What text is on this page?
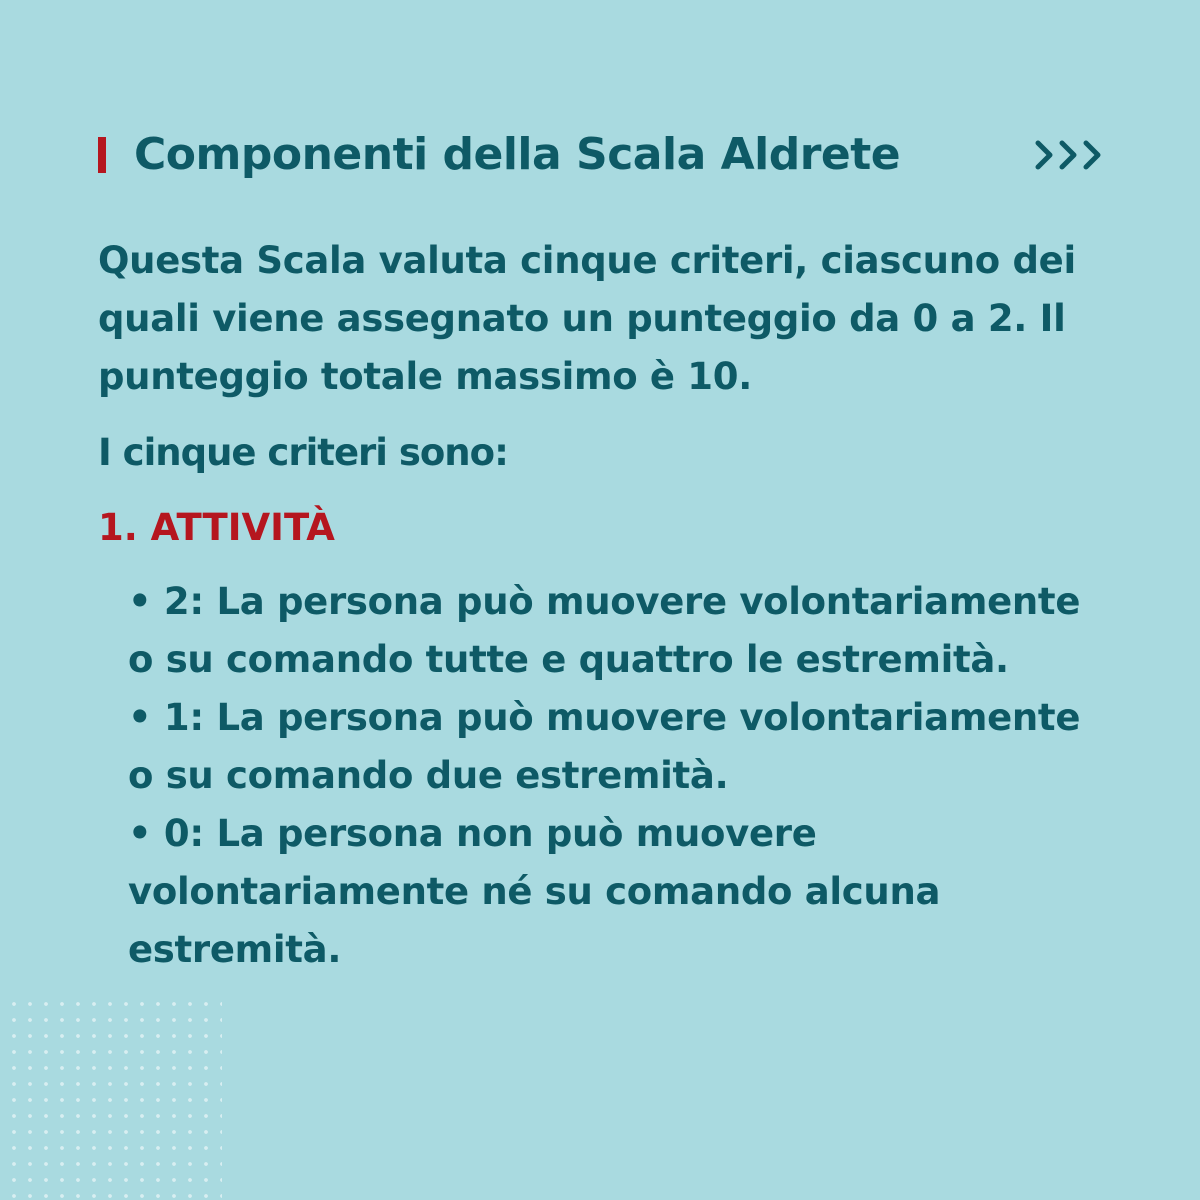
Componenti della Scala Aldrete

Questa Scala valuta cinque criteri, ciascuno dei quali viene assegnato un punteggio da 0 a 2. Il punteggio totale massimo è 10.

I cinque criteri sono:

1. ATTIVITÀ

• 2: La persona può muovere volontariamente o su comando tutte e quattro le estremità.

• 1: La persona può muovere volontariamente o su comando due estremità.

• 0: La persona non può muovere volontariamente né su comando alcuna estremità.
